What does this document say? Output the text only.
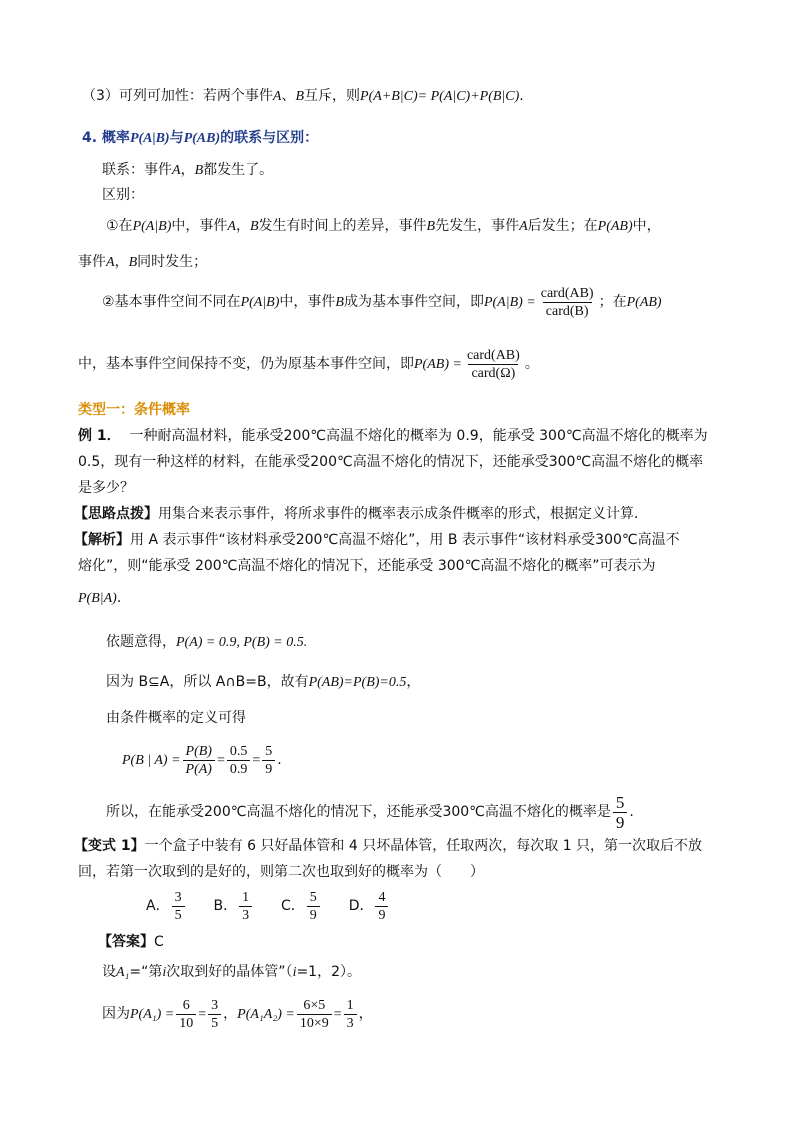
（3）可列可加性：若两个事件A、B互斥，则P(A+B|C)= P(A|C)+P(B|C).
4. 概率P(A|B)与P(AB)的联系与区别：
联系：事件A，B都发生了。
区别：
①在P(A|B)中，事件A，B发生有时间上的差异，事件B先发生，事件A后发生；在P(AB)中，
事件A，B同时发生；
②基本事件空间不同在P(A|B)中，事件B成为基本事件空间，即$P(A|B) = \frac{\text{card(AB)}}{\text{card(B)}}$ ；在P(AB)
中，基本事件空间保持不变，仍为原基本事件空间，即$P(AB) = \frac{\text{card(AB)}}{\text{card(Ω)}}$ 。
类型一：条件概率
例 1． 一种耐高温材料，能承受200℃高温不熔化的概率为 0.9，能承受 300℃高温不熔化的概率为
0.5，现有一种这样的材料，在能承受200℃高温不熔化的情况下，还能承受300℃高温不熔化的概率
是多少？
【思路点拨】用集合来表示事件，将所求事件的概率表示成条件概率的形式，根据定义计算．
【解析】用 A 表示事件“该材料承受200℃高温不熔化”，用 B 表示事件“该材料承受300℃高温不
熔化”，则“能承受 200℃高温不熔化的情况下，还能承受 300℃高温不熔化的概率”可表示为
P(B|A).
依题意得，P(A) = 0.9, P(B) = 0.5.
因为 B⊆A，所以 A∩B=B，故有P(AB)=P(B)=0.5，
由条件概率的定义可得
P(B | $A) = \frac{P(B)}{P(A)} = \frac{0.5}{0.9} = \frac{5}{9}$ .
所以，在能承受200℃高温不熔化的情况下，还能承受300℃高温不熔化的概率是 $\frac{5}{9}$ .
【变式 1】一个盒子中装有 6 只好晶体管和 4 只坏晶体管，任取两次，每次取 1 只，第一次取后不放
回，若第一次取到的是好的，则第二次也取到好的概率为（　　）
A． $\frac{3}{5}$ B． $\frac{1}{3}$ C． $\frac{5}{9}$ D． $\frac{4}{9}$
【答案】C
设A₁=“第i次取到好的晶体管”（i=1，2）。
因为$P(A_1) = \frac{6}{10} = \frac{3}{5}$ ，$P(A_1A_2) = \frac{6\times 5}{10\times 9} = \frac{1}{3}$ ，
